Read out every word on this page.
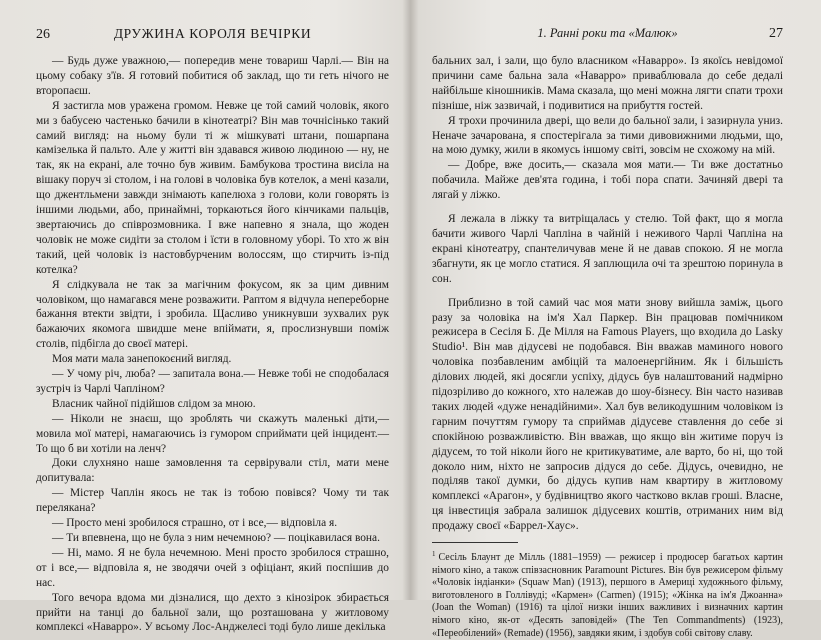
26	ДРУЖИНА КОРОЛЯ ВЕЧІРКИ

— Будь дуже уважною,— попередив мене товариш Чарлі.— Він на цьому собаку з'їв. Я готовий побитися об заклад, що ти геть нічого не второпаєш.

Я застигла мов уражена громом. Невже це той самий чоловік, якого ми з бабусею частенько бачили в кінотеатрі? Він мав точнісінько такий самий вигляд: на ньому були ті ж мішкуваті штани, пошарпана камізелька й пальто. Але у житті він здавався живою людиною — ну, не так, як на екрані, але точно був живим. Бамбукова тростина висіла на вішаку поруч зі столом, і на голові в чоловіка був котелок, а мені казали, що джентльмени завжди знімають капелюха з голови, коли говорять із іншими людьми, або, принаймні, торкаються його кінчиками пальців, звертаючись до співрозмовника. І вже напевно я знала, що жоден чоловік не може сидіти за столом і їсти в головному уборі. То хто ж він такий, цей чоловік із настовбурченим волоссям, що стирчить із-під котелка?

Я слідкувала не так за магічним фокусом, як за цим дивним чоловіком, що намагався мене розважити. Раптом я відчула непереборне бажання втекти звідти, і зробила. Щасливо уникнувши зухвалих рук бажаючих якомога швидше мене впіймати, я, прослизнувши поміж столів, підбігла до своєї матері.

Моя мати мала занепокоєний вигляд.

— У чому річ, люба? — запитала вона.— Невже тобі не сподобалася зустріч із Чарлі Чапліном?

Власник чайної підійшов слідом за мною.

— Ніколи не знаєш, що зроблять чи скажуть маленькі діти,— мовила мої матері, намагаючись із гумором сприймати цей інцидент.— То що б ви хотіли на ленч?

Доки слухняно наше замовлення та сервірували стіл, мати мене допитувала:

— Містер Чаплін якось не так із тобою повівся? Чому ти так перелякана?

— Просто мені зробилося страшно, от і все,— відповіла я.

— Ти впевнена, що не була з ним нечемною? — поцікавилася вона.

— Ні, мамо. Я не була нечемною. Мені просто зробилося страшно, от і все,— відповіла я, не зводячи очей з офіціант, який поспішив до нас.

Того вечора вдома ми дізналися, що дехто з кінозірок збирається прийти на танці до бальної зали, що розташована у житловому комплексі «Наварро». У всьому Лос-Анджелесі тоді було лише декілька

1. Ранні роки та «Малюк»	27

бальних зал, і зали, що було власником «Наварро». Із якоїсь невідомої причини саме бальна зала «Наварро» приваблювала до себе дедалі найбільше кіношників. Мама сказала, що мені можна лягти спати трохи пізніше, ніж зазвичай, і подивитися на прибуття гостей.

Я трохи прочинила двері, що вели до бальної зали, і зазирнула униз. Неначе зачарована, я спостерігала за тими дивовижними людьми, що, на мою думку, жили в якомусь іншому світі, зовсім не схожому на мій.

— Добре, вже досить,— сказала моя мати.— Ти вже достатньо побачила. Майже дев'ята година, і тобі пора спати. Зачиняй двері та лягай у ліжко.

Я лежала в ліжку та витріщалась у стелю. Той факт, що я могла бачити живого Чарлі Чапліна в чайній і неживого Чарлі Чапліна на екрані кінотеатру, спантеличував мене й не давав спокою. Я не могла збагнути, як це могло статися. Я заплющила очі та зрештою поринула в сон.

Приблизно в той самий час моя мати знову вийшла заміж, цього разу за чоловіка на ім'я Хал Паркер. Він працював помічником режисера в Сесіля Б. Де Мілля на Famous Players, що входила до Lasky Studio¹. Він мав дідусеві не подобався. Він вважав маминого нового чоловіка позбавленим амбіцій та малоенергійним. Як і більшість ділових людей, які досягли успіху, дідусь був налаштований надмірно підозріливо до кожного, хто належав до шоу-бізнесу. Він часто називав таких людей «дуже ненадійними». Хал був великодушним чоловіком із гарним почуттям гумору та сприймав дідусеве ставлення до себе зі спокійною розважливістю. Він вважав, що якщо він житиме поруч із дідусем, то той ніколи його не критикуватиме, але варто, бо ні, що той доколо ним, ніхто не запросив дідуся до себе. Дідусь, очевидно, не поділяв такої думки, бо дідусь купив нам квартиру в житловому комплексі «Арагон», у будівництво якого частково вклав гроші. Власне, ця інвестиція забрала залишок дідусевих коштів, отриманих ним від продажу своєї «Баррел-Хаус».

$^1$ Сесіль Блаунт де Мілль (1881–1959) — режисер і продюсер багатьох картин німого кіно, а також співзасновник Paramount Pictures. Він був режисером фільму «Чоловік індіанки» (Squaw Man) (1913), першого в Америці художнього фільму, виготовленого в Голлівуді; «Кармен» (Carmen) (1915); «Жінка на ім'я Джоанна» (Joan the Woman) (1916) та цілої низки інших важливих і визначних картин німого кіно, як-от «Десять заповідей» (The Ten Commandments) (1923), «Переобілений» (Remade) (1956), завдяки яким, і здобув собі світову славу.
